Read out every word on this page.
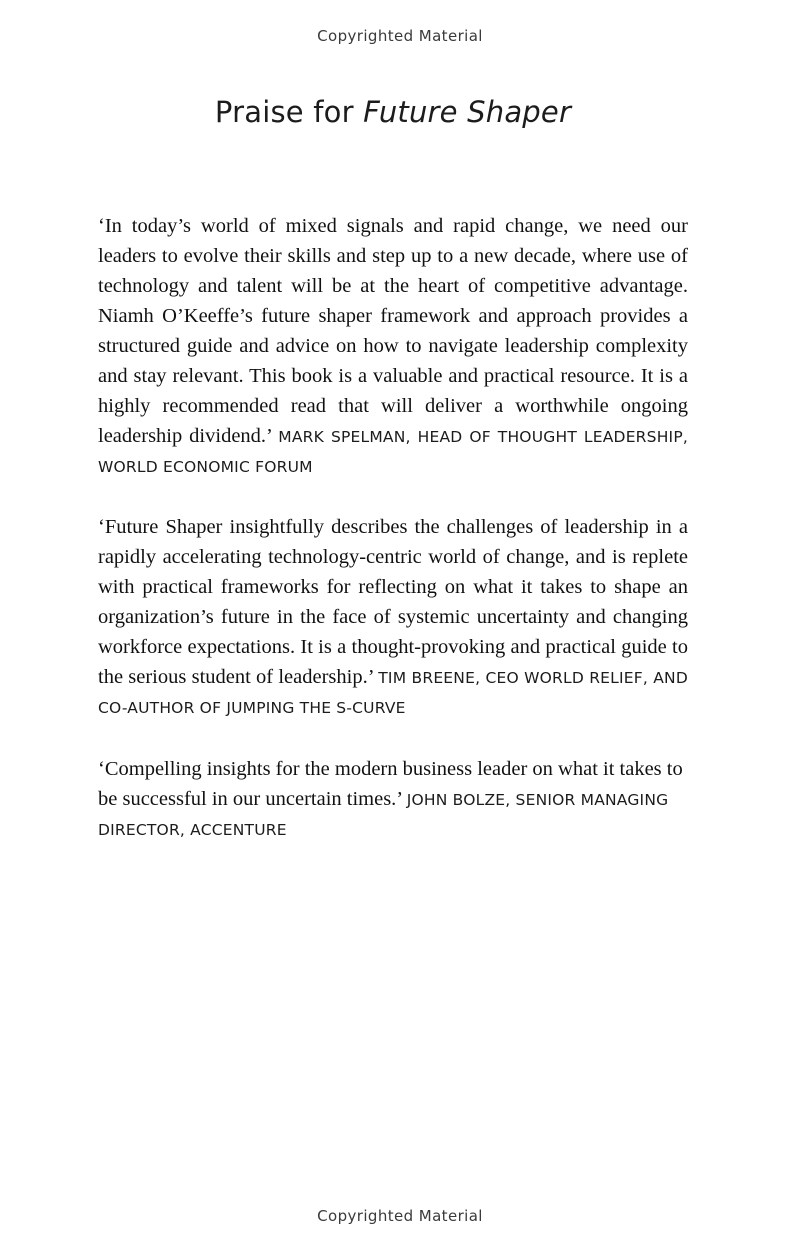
Copyrighted Material
Praise for Future Shaper
‘In today’s world of mixed signals and rapid change, we need our leaders to evolve their skills and step up to a new decade, where use of technology and talent will be at the heart of competitive advantage. Niamh O’Keeffe’s future shaper framework and approach provides a structured guide and advice on how to navigate leadership complexity and stay relevant. This book is a valuable and practical resource. It is a highly recommended read that will deliver a worthwhile ongoing leadership dividend.’ MARK SPELMAN, HEAD OF THOUGHT LEADERSHIP, WORLD ECONOMIC FORUM
‘Future Shaper insightfully describes the challenges of leadership in a rapidly accelerating technology-centric world of change, and is replete with practical frameworks for reflecting on what it takes to shape an organization’s future in the face of systemic uncertainty and changing workforce expectations. It is a thought-provoking and practical guide to the serious student of leadership.’ TIM BREENE, CEO WORLD RELIEF, AND CO-AUTHOR OF JUMPING THE S-CURVE
‘Compelling insights for the modern business leader on what it takes to be successful in our uncertain times.’ JOHN BOLZE, SENIOR MANAGING DIRECTOR, ACCENTURE
Copyrighted Material
